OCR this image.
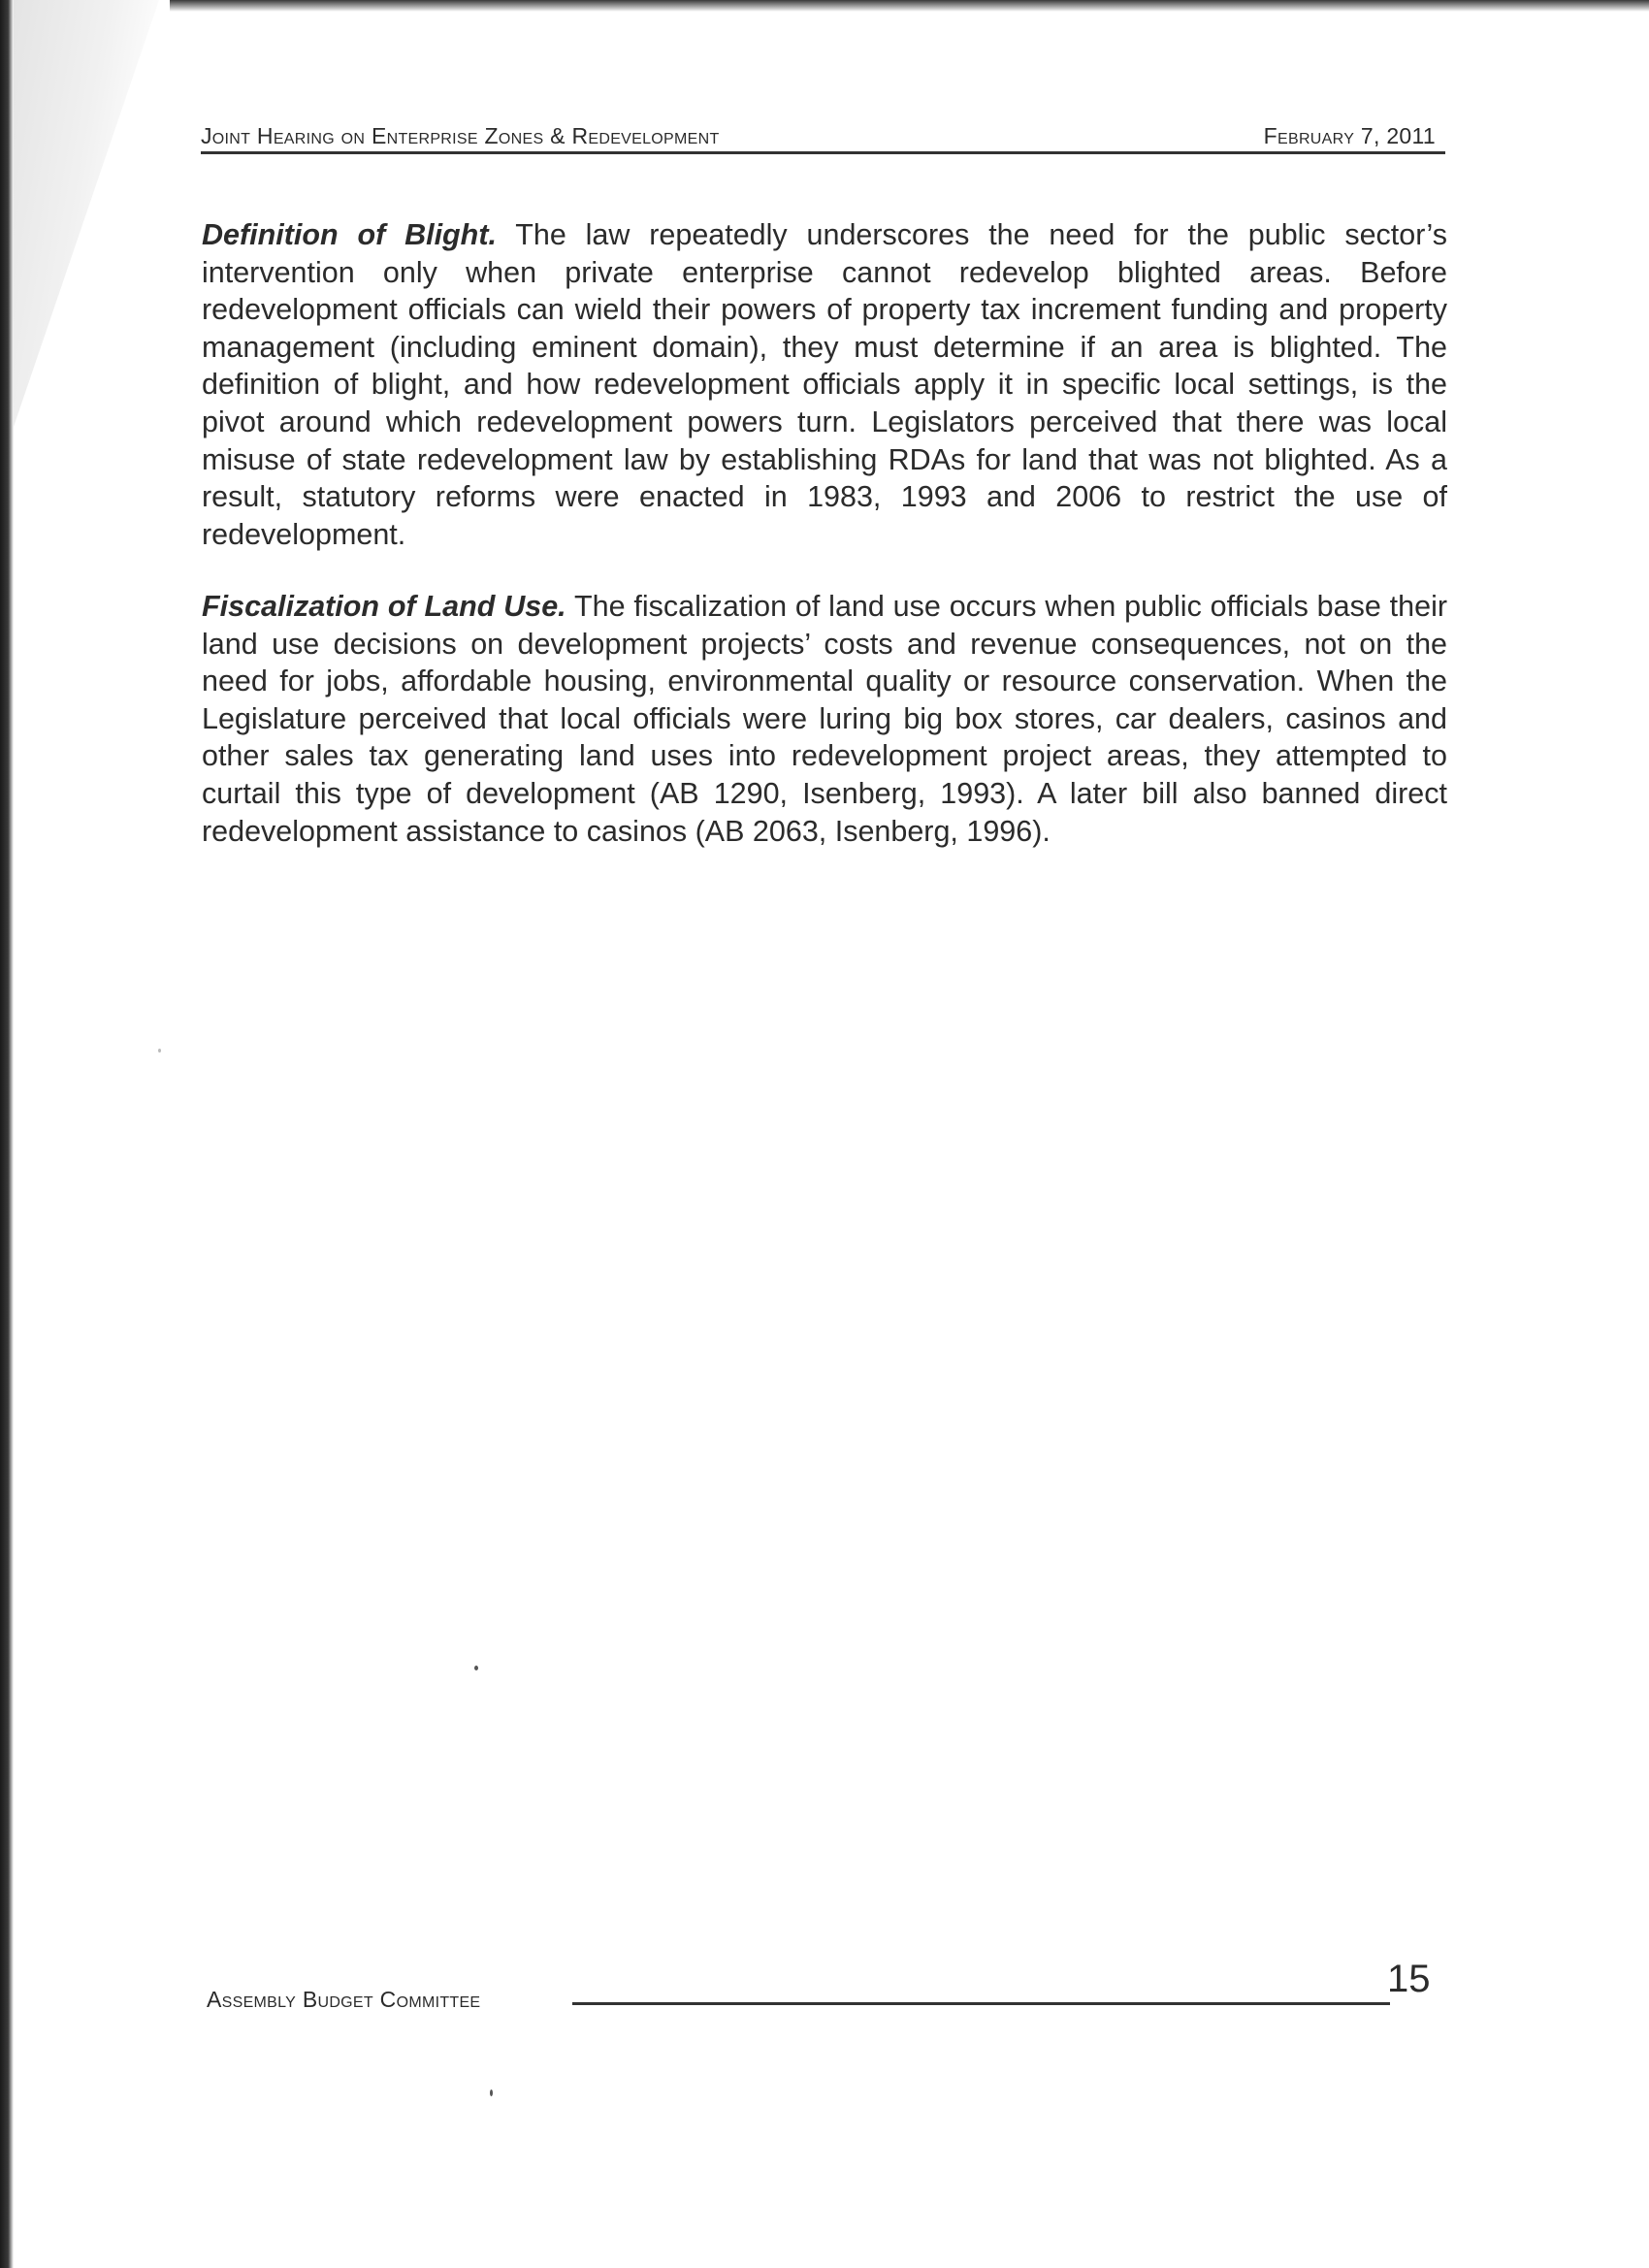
Joint Hearing on Enterprise Zones & Redevelopment	February 7, 2011
Definition of Blight. The law repeatedly underscores the need for the public sector’s intervention only when private enterprise cannot redevelop blighted areas. Before redevelopment officials can wield their powers of property tax increment funding and property management (including eminent domain), they must determine if an area is blighted. The definition of blight, and how redevelopment officials apply it in specific local settings, is the pivot around which redevelopment powers turn. Legislators perceived that there was local misuse of state redevelopment law by establishing RDAs for land that was not blighted. As a result, statutory reforms were enacted in 1983, 1993 and 2006 to restrict the use of redevelopment.
Fiscalization of Land Use. The fiscalization of land use occurs when public officials base their land use decisions on development projects’ costs and revenue consequences, not on the need for jobs, affordable housing, environmental quality or resource conservation. When the Legislature perceived that local officials were luring big box stores, car dealers, casinos and other sales tax generating land uses into redevelopment project areas, they attempted to curtail this type of development (AB 1290, Isenberg, 1993). A later bill also banned direct redevelopment assistance to casinos (AB 2063, Isenberg, 1996).
Assembly Budget Committee	15
